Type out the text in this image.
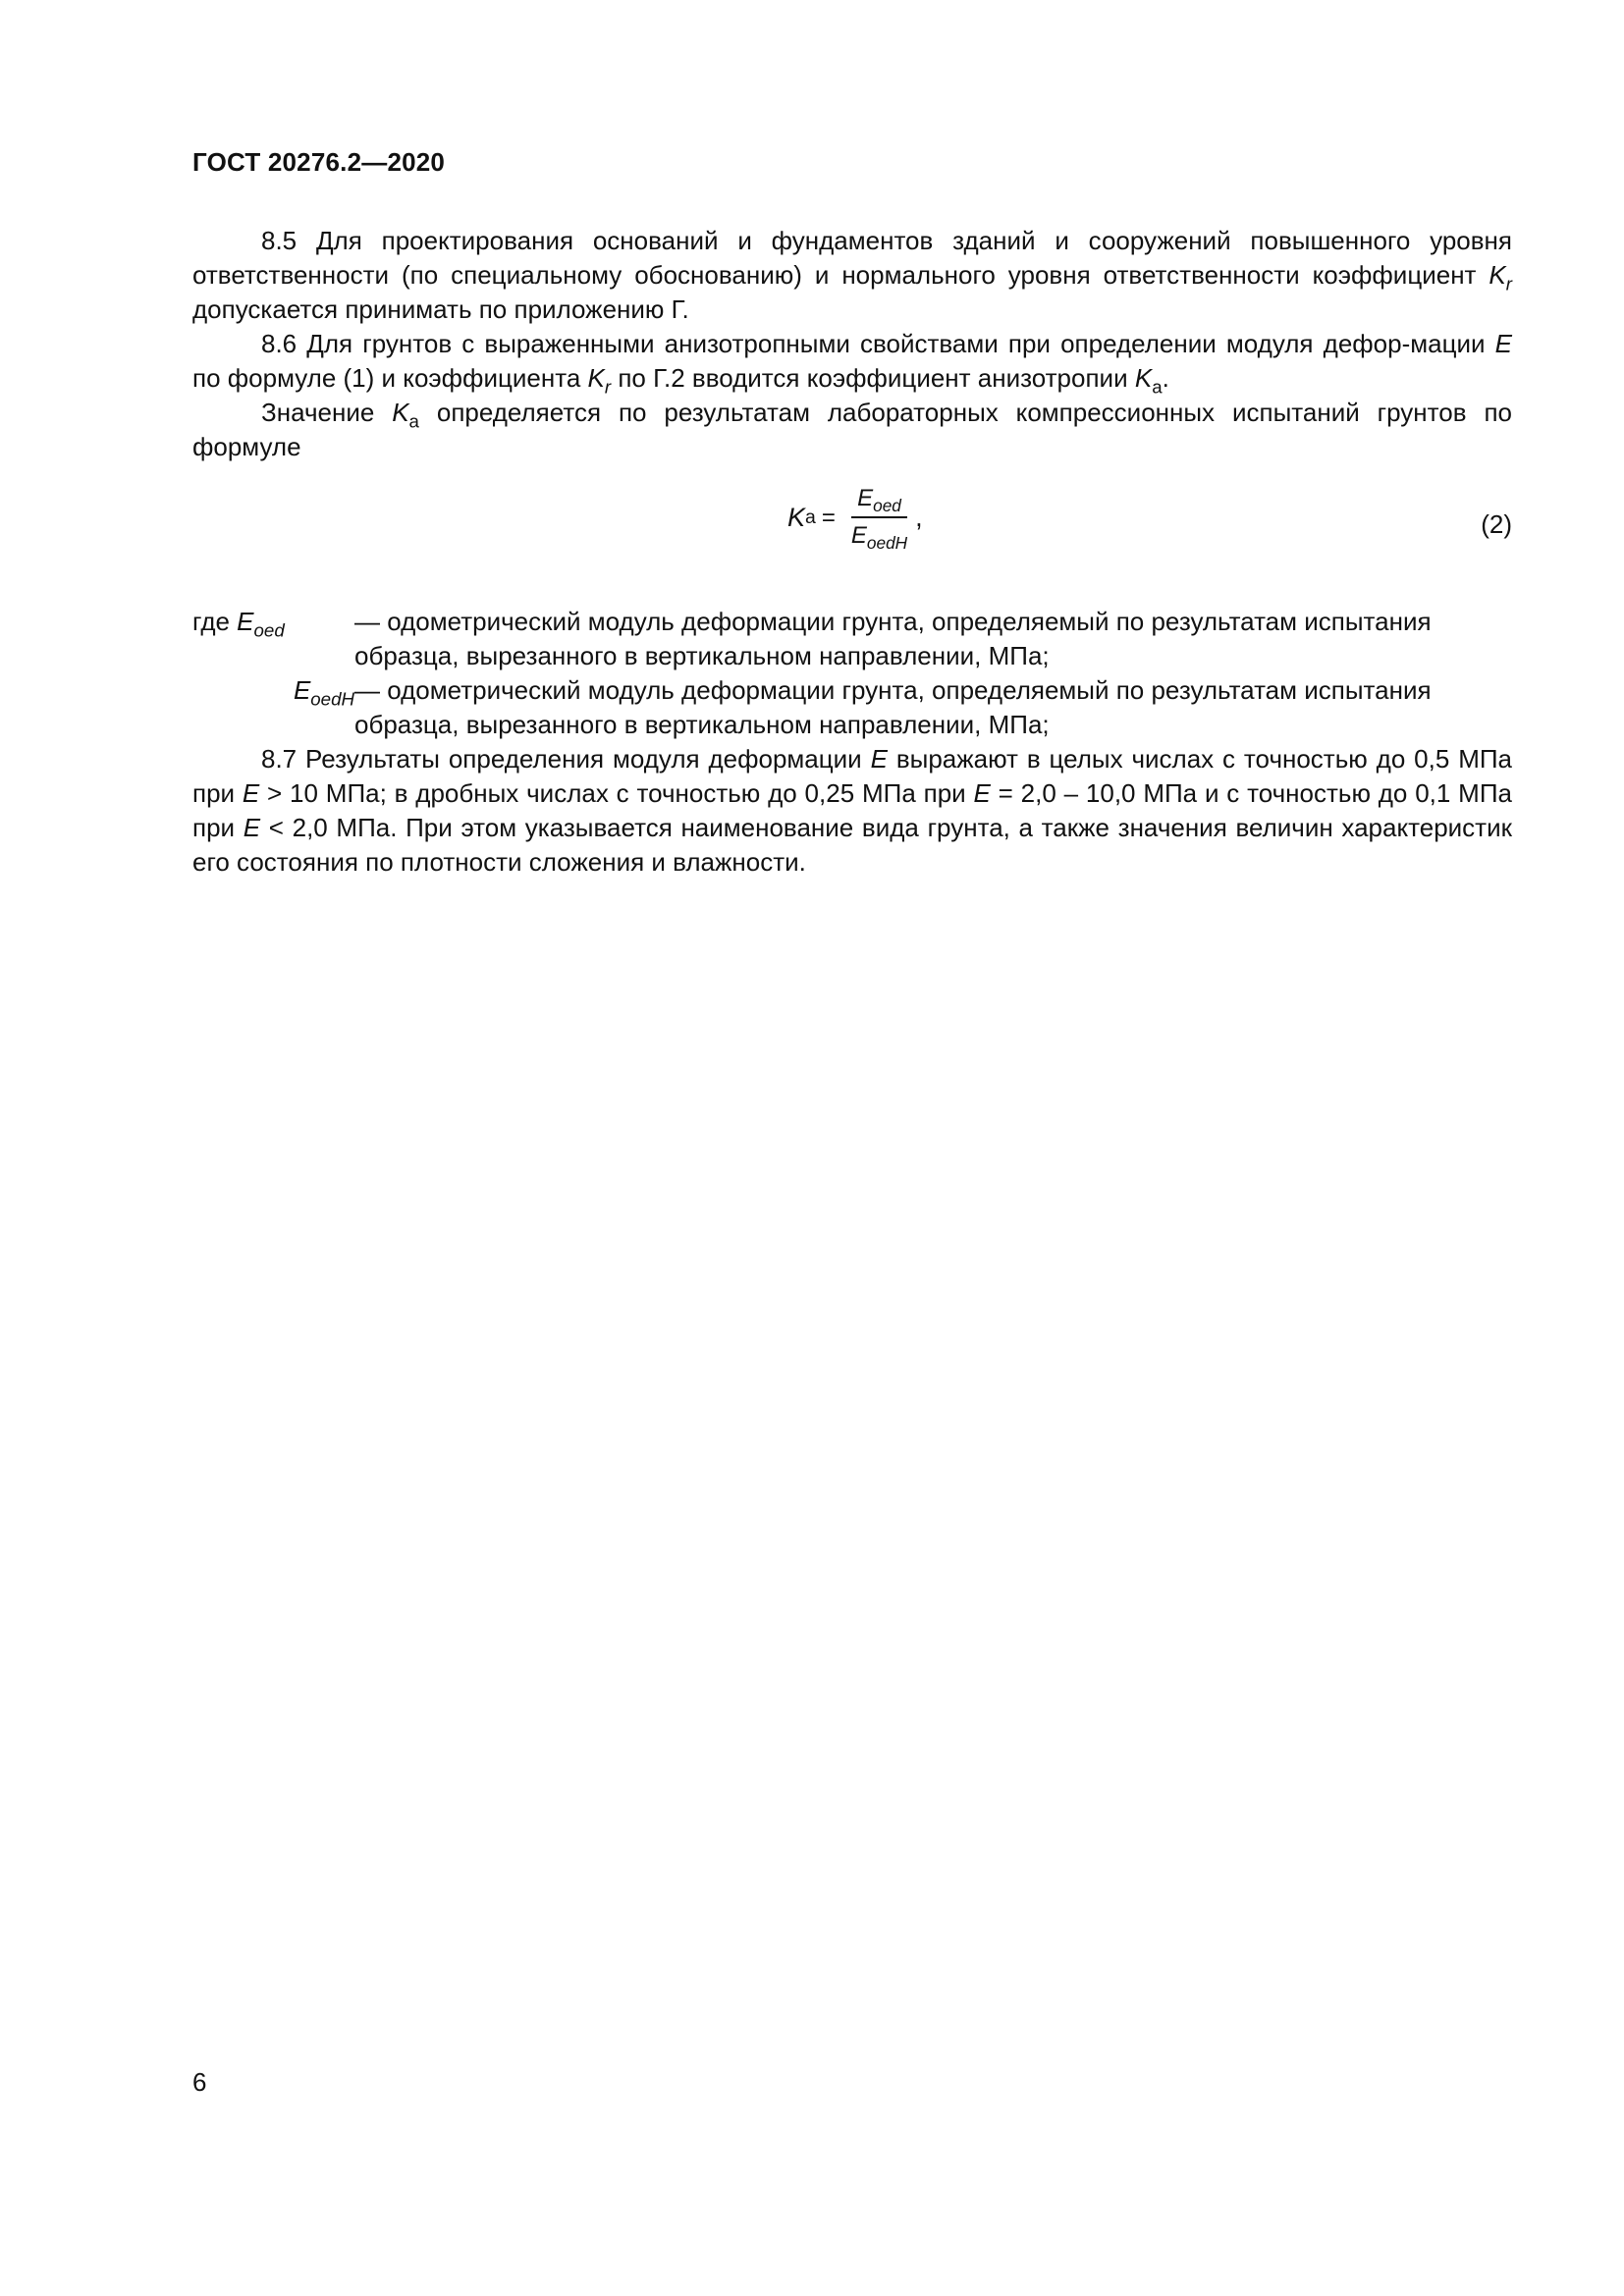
ГОСТ 20276.2—2020

8.5 Для проектирования оснований и фундаментов зданий и сооружений повышенного уровня ответственности (по специальному обоснованию) и нормального уровня ответственности коэффициент $K_r$ допускается принимать по приложению Г.

8.6 Для грунтов с выраженными анизотропными свойствами при определении модуля дефор-мации E по формуле (1) и коэффициента $K_r$ по Г.2 вводится коэффициент анизотропии $K_a$.

Значение $K_a$ определяется по результатам лабораторных компрессионных испытаний грунтов по формуле

K $a = \frac{E_{oed}}{E_{oedH}}$ ,	(2)
где $E_{oed}$	— одометрический модуль деформации грунта, определяемый по результатам испытания
образца, вырезанного в вертикальном направлении, МПа;
$E_{oedH}$ — одометрический модуль деформации грунта, определяемый по результатам испытания
образца, вырезанного в вертикальном направлении, МПа;

8.7 Результаты определения модуля деформации E выражают в целых числах с точностью до 0,5 МПа при E > 10 МПа; в дробных числах с точностью до 0,25 МПа при E = 2,0 – 10,0 МПа и с точностью до 0,1 МПа при E < 2,0 МПа. При этом указывается наименование вида грунта, а также значения величин характеристик его состояния по плотности сложения и влажности.

6
